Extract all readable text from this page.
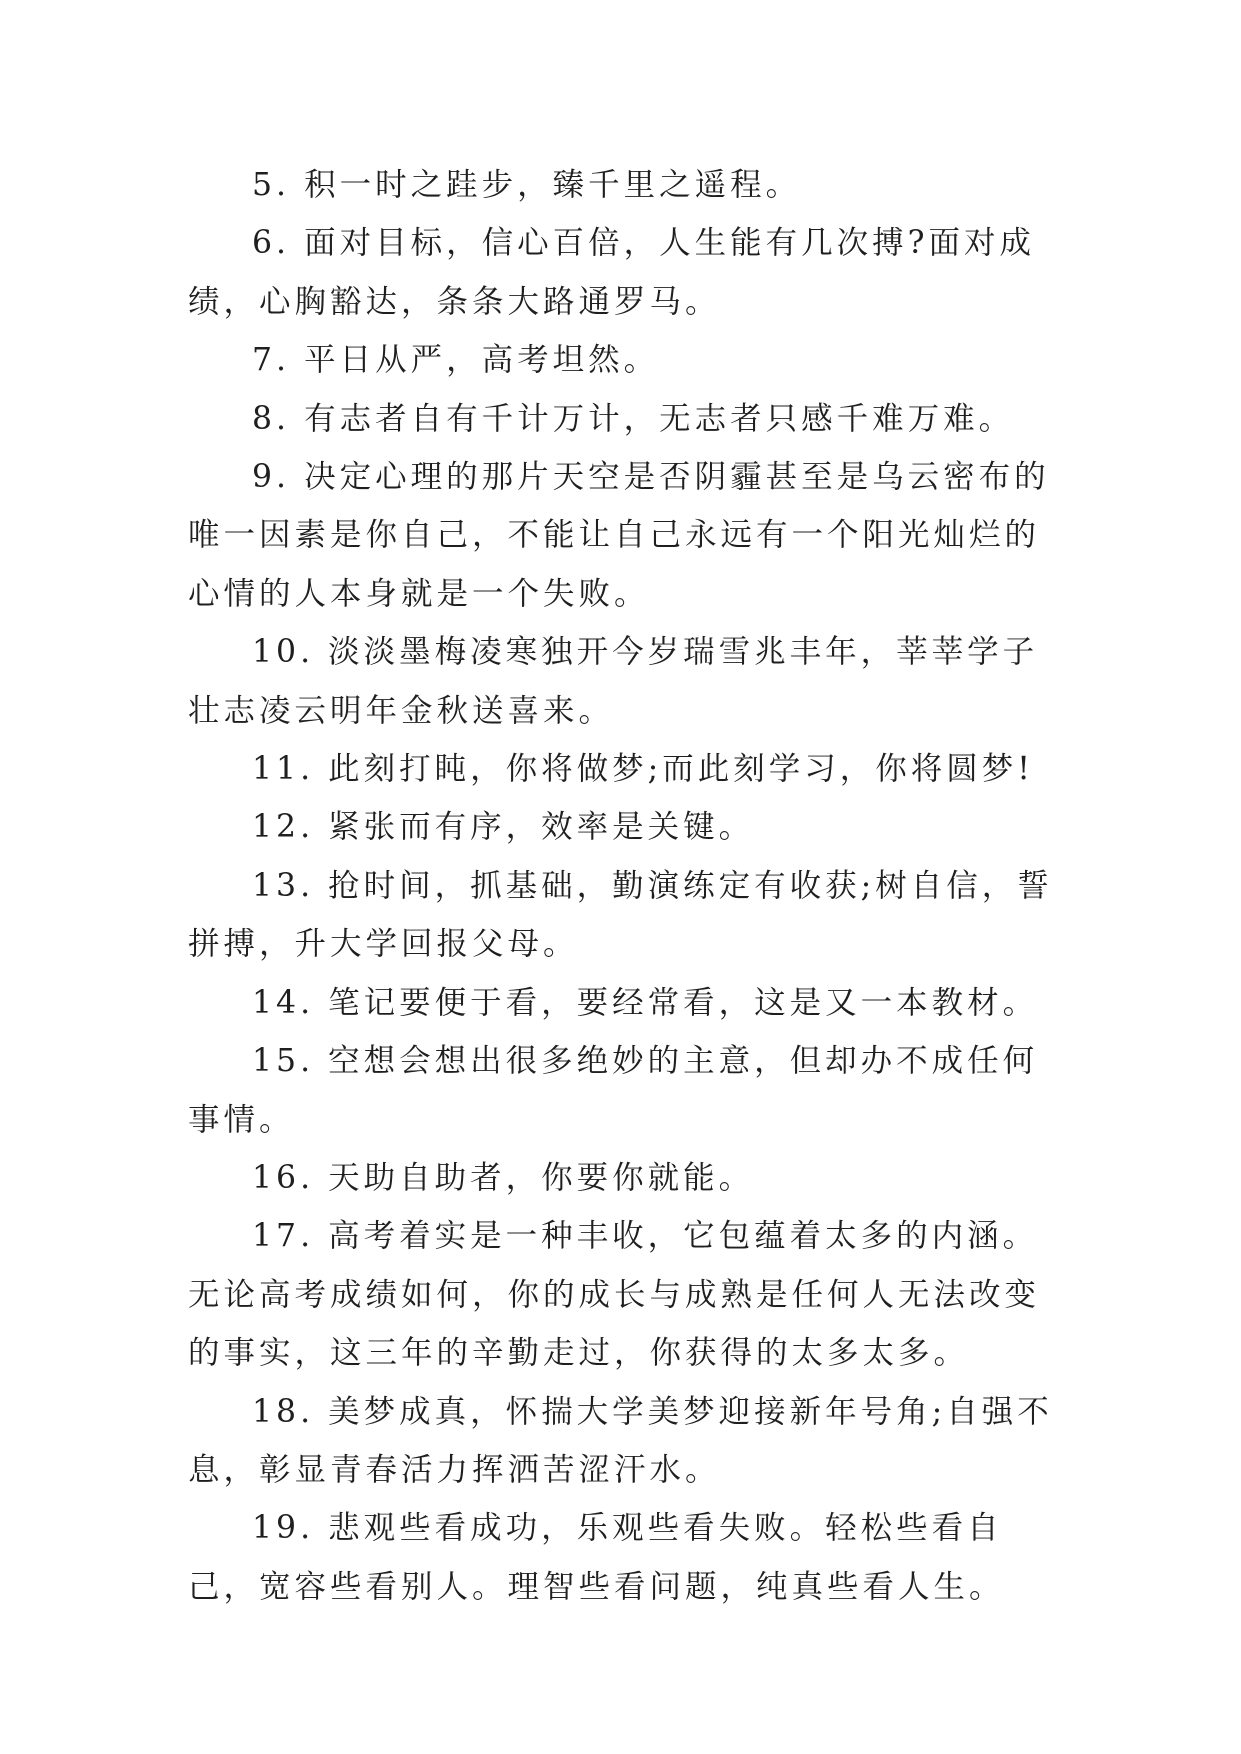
5. 积一时之跬步，臻千里之遥程。

6. 面对目标，信心百倍，人生能有几次搏?面对成绩，心胸豁达，条条大路通罗马。

7. 平日从严，高考坦然。

8. 有志者自有千计万计，无志者只感千难万难。

9. 决定心理的那片天空是否阴霾甚至是乌云密布的唯一因素是你自己，不能让自己永远有一个阳光灿烂的心情的人本身就是一个失败。

10. 淡淡墨梅凌寒独开今岁瑞雪兆丰年，莘莘学子壮志凌云明年金秋送喜来。

11. 此刻打盹，你将做梦;而此刻学习，你将圆梦!

12. 紧张而有序，效率是关键。

13. 抢时间，抓基础，勤演练定有收获;树自信，誓拼搏，升大学回报父母。

14. 笔记要便于看，要经常看，这是又一本教材。

15. 空想会想出很多绝妙的主意，但却办不成任何事情。

16. 天助自助者，你要你就能。

17. 高考着实是一种丰收，它包蕴着太多的内涵。无论高考成绩如何，你的成长与成熟是任何人无法改变的事实，这三年的辛勤走过，你获得的太多太多。

18. 美梦成真，怀揣大学美梦迎接新年号角;自强不息，彰显青春活力挥洒苦涩汗水。

19. 悲观些看成功，乐观些看失败。轻松些看自己，宽容些看别人。理智些看问题，纯真些看人生。
